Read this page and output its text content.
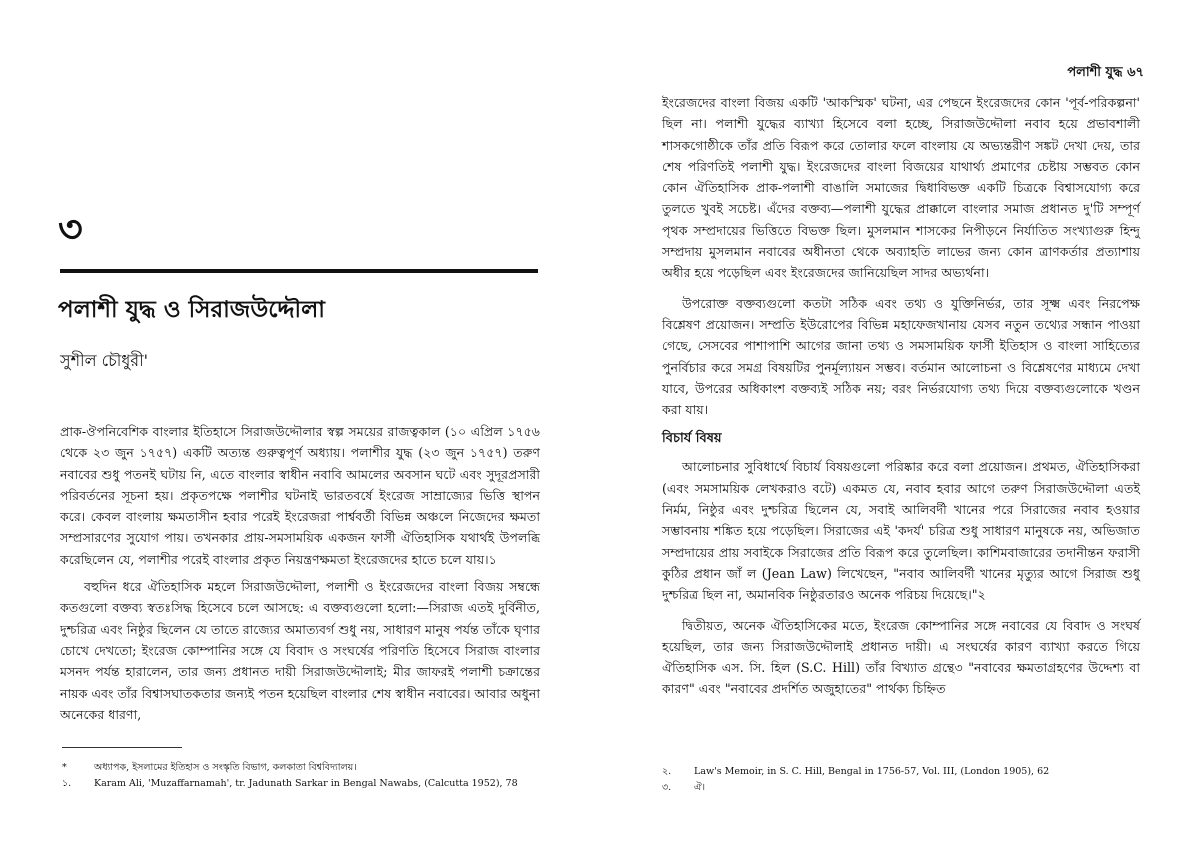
৩
পলাশী যুদ্ধ ও সিরাজউদ্দৌলা
সুশীল চৌধুরী'

প্রাক-ঔপনিবেশিক বাংলার ইতিহাসে সিরাজউদ্দৌলার স্বল্প সময়ের রাজত্বকাল (১০ এপ্রিল ১৭৫৬ থেকে ২৩ জুন ১৭৫৭) একটি অত্যন্ত গুরুত্বপূর্ণ অধ্যায়। পলাশীর যুদ্ধ (২৩ জুন ১৭৫৭) তরুণ নবাবের শুধু পতনই ঘটায় নি, এতে বাংলার স্বাধীন নবাবি আমলের অবসান ঘটে এবং সুদূরপ্রসারী পরিবর্তনের সূচনা হয়। প্রকৃতপক্ষে পলাশীর ঘটনাই ভারতবর্ষে ইংরেজ সাম্রাজ্যের ভিত্তি স্থাপন করে। কেবল বাংলায় ক্ষমতাসীন হবার পরেই ইংরেজরা পার্শ্ববর্তী বিভিন্ন অঞ্চলে নিজেদের ক্ষমতা সম্প্রসারণের সুযোগ পায়। তখনকার প্রায়-সমসাময়িক একজন ফার্সী ঐতিহাসিক যথার্থই উপলব্ধি করেছিলেন যে, পলাশীর পরেই বাংলার প্রকৃত নিয়ন্ত্রণক্ষমতা ইংরেজদের হাতে চলে যায়।১

বহুদিন ধরে ঐতিহাসিক মহলে সিরাজউদ্দৌলা, পলাশী ও ইংরেজদের বাংলা বিজয় সম্বন্ধে কতগুলো বক্তব্য স্বতঃসিদ্ধ হিসেবে চলে আসছে: এ বক্তব্যগুলো হলো:—সিরাজ এতই দুর্বিনীত, দুশ্চরিত্র এবং নিষ্ঠুর ছিলেন যে তাতে রাজ্যের অমাত্যবর্গ শুধু নয়, সাধারণ মানুষ পর্যন্ত তাঁকে ঘৃণার চোখে দেখতো; ইংরেজ কোম্পানির সঙ্গে যে বিবাদ ও সংঘর্ষের পরিণতি হিসেবে সিরাজ বাংলার মসনদ পর্যন্ত হারালেন, তার জন্য প্রধানত দায়ী সিরাজউদ্দৌলাই; মীর জাফরই পলাশী চক্রান্তের নায়ক এবং তাঁর বিশ্বাসঘাতকতার জন্যই পতন হয়েছিল বাংলার শেষ স্বাধীন নবাবের। আবার অধুনা অনেকের ধারণা,

*	অধ্যাপক, ইসলামের ইতিহাস ও সংস্কৃতি বিভাগ, কলকাতা বিশ্ববিদ্যালয়।
১.	Karam Ali, 'Muzaffarnamah', tr. Jadunath Sarkar in Bengal Nawabs, (Calcutta 1952), 78
পলাশী যুদ্ধ ৬৭

ইংরেজদের বাংলা বিজয় একটি 'আকস্মিক' ঘটনা, এর পেছনে ইংরেজদের কোন 'পূর্ব-পরিকল্পনা' ছিল না। পলাশী যুদ্ধের ব্যাখ্যা হিসেবে বলা হচ্ছে, সিরাজউদ্দৌলা নবাব হয়ে প্রভাবশালী শাসকগোষ্ঠীকে তাঁর প্রতি বিরূপ করে তোলার ফলে বাংলায় যে অভ্যন্তরীণ সঙ্কট দেখা দেয়, তার শেষ পরিণতিই পলাশী যুদ্ধ। ইংরেজদের বাংলা বিজয়ের যাথার্থ্য প্রমাণের চেষ্টায় সম্ভবত কোন কোন ঐতিহাসিক প্রাক-পলাশী বাঙালি সমাজের দ্বিধাবিভক্ত একটি চিত্রকে বিশ্বাসযোগ্য করে তুলতে খুবই সচেষ্ট। এঁদের বক্তব্য—পলাশী যুদ্ধের প্রাক্কালে বাংলার সমাজ প্রধানত দু'টি সম্পূর্ণ পৃথক সম্প্রদায়ের ভিত্তিতে বিভক্ত ছিল। মুসলমান শাসকের নিপীড়নে নির্যাতিত সংখ্যাগুরু হিন্দু সম্প্রদায় মুসলমান নবাবের অধীনতা থেকে অব্যাহতি লাভের জন্য কোন ত্রাণকর্তার প্রত্যাশায় অধীর হয়ে পড়েছিল এবং ইংরেজদের জানিয়েছিল সাদর অভ্যর্থনা।

উপরোক্ত বক্তব্যগুলো কতটা সঠিক এবং তথ্য ও যুক্তিনির্ভর, তার সূক্ষ্ম এবং নিরপেক্ষ বিশ্লেষণ প্রয়োজন। সম্প্রতি ইউরোপের বিভিন্ন মহাফেজখানায় যেসব নতুন তথ্যের সন্ধান পাওয়া গেছে, সেসবের পাশাপাশি আগের জানা তথ্য ও সমসাময়িক ফার্সী ইতিহাস ও বাংলা সাহিত্যের পুনর্বিচার করে সমগ্র বিষয়টির পুনর্মূল্যায়ন সম্ভব। বর্তমান আলোচনা ও বিশ্লেষণের মাধ্যমে দেখা যাবে, উপরের অধিকাংশ বক্তব্যই সঠিক নয়; বরং নির্ভরযোগ্য তথ্য দিয়ে বক্তব্যগুলোকে খণ্ডন করা যায়।

বিচার্য বিষয়

আলোচনার সুবিধার্থে বিচার্য বিষয়গুলো পরিষ্কার করে বলা প্রয়োজন। প্রথমত, ঐতিহাসিকরা (এবং সমসাময়িক লেখকরাও বটে) একমত যে, নবাব হবার আগে তরুণ সিরাজউদ্দৌলা এতই নির্মম, নিষ্ঠুর এবং দুশ্চরিত্র ছিলেন যে, সবাই আলিবর্দী খানের পরে সিরাজের নবাব হওয়ার সম্ভাবনায় শঙ্কিত হয়ে পড়েছিল। সিরাজের এই 'কদর্য' চরিত্র শুধু সাধারণ মানুষকে নয়, অভিজাত সম্প্রদায়ের প্রায় সবাইকে সিরাজের প্রতি বিরূপ করে তুলেছিল। কাশিমবাজারের তদানীন্তন ফরাসী কুঠির প্রধান জাঁ ল (Jean Law) লিখেছেন, "নবাব আলিবর্দী খানের মৃত্যুর আগে সিরাজ শুধু দুশ্চরিত্র ছিল না, অমানবিক নিষ্ঠুরতারও অনেক পরিচয় দিয়েছে।"২

দ্বিতীয়ত, অনেক ঐতিহাসিকের মতে, ইংরেজ কোম্পানির সঙ্গে নবাবের যে বিবাদ ও সংঘর্ষ হয়েছিল, তার জন্য সিরাজউদ্দৌলাই প্রধানত দায়ী। এ সংঘর্ষের কারণ ব্যাখ্যা করতে গিয়ে ঐতিহাসিক এস. সি. হিল (S.C. Hill) তাঁর বিখ্যাত গ্রন্থে৩ "নবাবের ক্ষমতাগ্রহণের উদ্দেশ্য বা কারণ" এবং "নবাবের প্রদর্শিত অজুহাতের" পার্থক্য চিহ্নিত

২.	Law's Memoir, in S. C. Hill, Bengal in 1756-57, Vol. III, (London 1905), 62
৩.	ঐ।
